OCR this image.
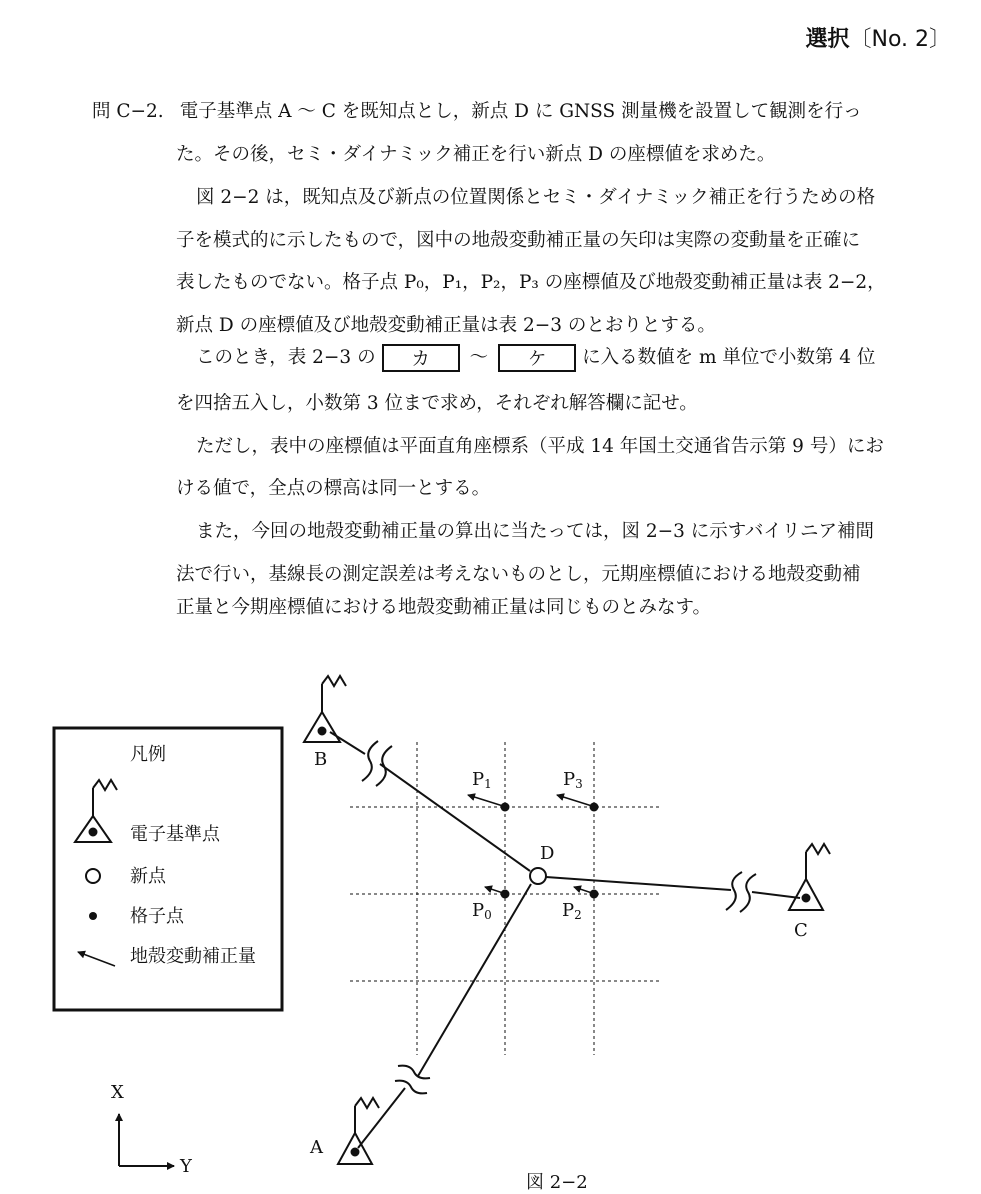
選択〔No. 2〕
問 C−2. 電子基準点 A ～ C を既知点とし，新点 D に GNSS 測量機を設置して観測を行っ
た。その後，セミ・ダイナミック補正を行い新点 D の座標値を求めた。
図 2−2 は，既知点及び新点の位置関係とセミ・ダイナミック補正を行うための格
子を模式的に示したもので，図中の地殻変動補正量の矢印は実際の変動量を正確に
表したものでない。格子点 P₀，P₁，P₂，P₃ の座標値及び地殻変動補正量は表 2−2，
新点 D の座標値及び地殻変動補正量は表 2−3 のとおりとする。
このとき，表 2−3 の カ ～ ケ に入る数値を m 単位で小数第 4 位
を四捨五入し，小数第 3 位まで求め，それぞれ解答欄に記せ。
ただし，表中の座標値は平面直角座標系（平成 14 年国土交通省告示第 9 号）にお
ける値で，全点の標高は同一とする。
また，今回の地殻変動補正量の算出に当たっては，図 2−3 に示すバイリニア補間
法で行い，基線長の測定誤差は考えないものとし，元期座標値における地殻変動補
正量と今期座標値における地殻変動補正量は同じものとみなす。
凡例
電子基準点
新点
格子点
地殻変動補正量
B
C
A
D
P1	P3
P0	P2
X
Y
図 2−2
